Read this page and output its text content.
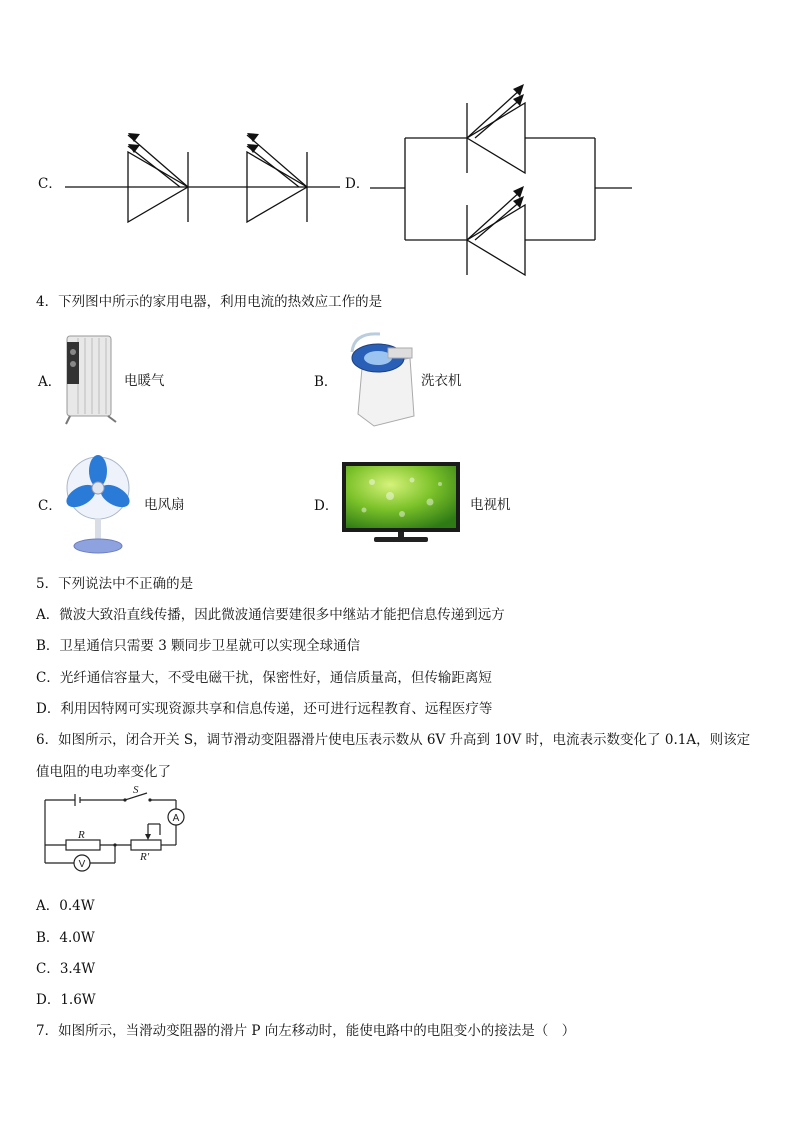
C．	D．
4．下列图中所示的家用电器，利用电流的热效应工作的是
A．	电暖气	B．	洗衣机
C．	电风扇	D．	电视机
5．下列说法中不正确的是
A．微波大致沿直线传播，因此微波通信要建很多中继站才能把信息传递到远方
B．卫星通信只需要 3 颗同步卫星就可以实现全球通信
C．光纤通信容量大，不受电磁干扰，保密性好，通信质量高，但传输距离短
D．利用因特网可实现资源共享和信息传递，还可进行远程教育、远程医疗等
6．如图所示，闭合开关 S，调节滑动变阻器滑片使电压表示数从 6V 升高到 10V 时，电流表示数变化了 0.1A，则该定
值电阻的电功率变化了
S
R
R′
A
V
A．0.4W
B．4.0W
C．3.4W
D．1.6W
7．如图所示，当滑动变阻器的滑片 P 向左移动时，能使电路中的电阻变小的接法是（　）
